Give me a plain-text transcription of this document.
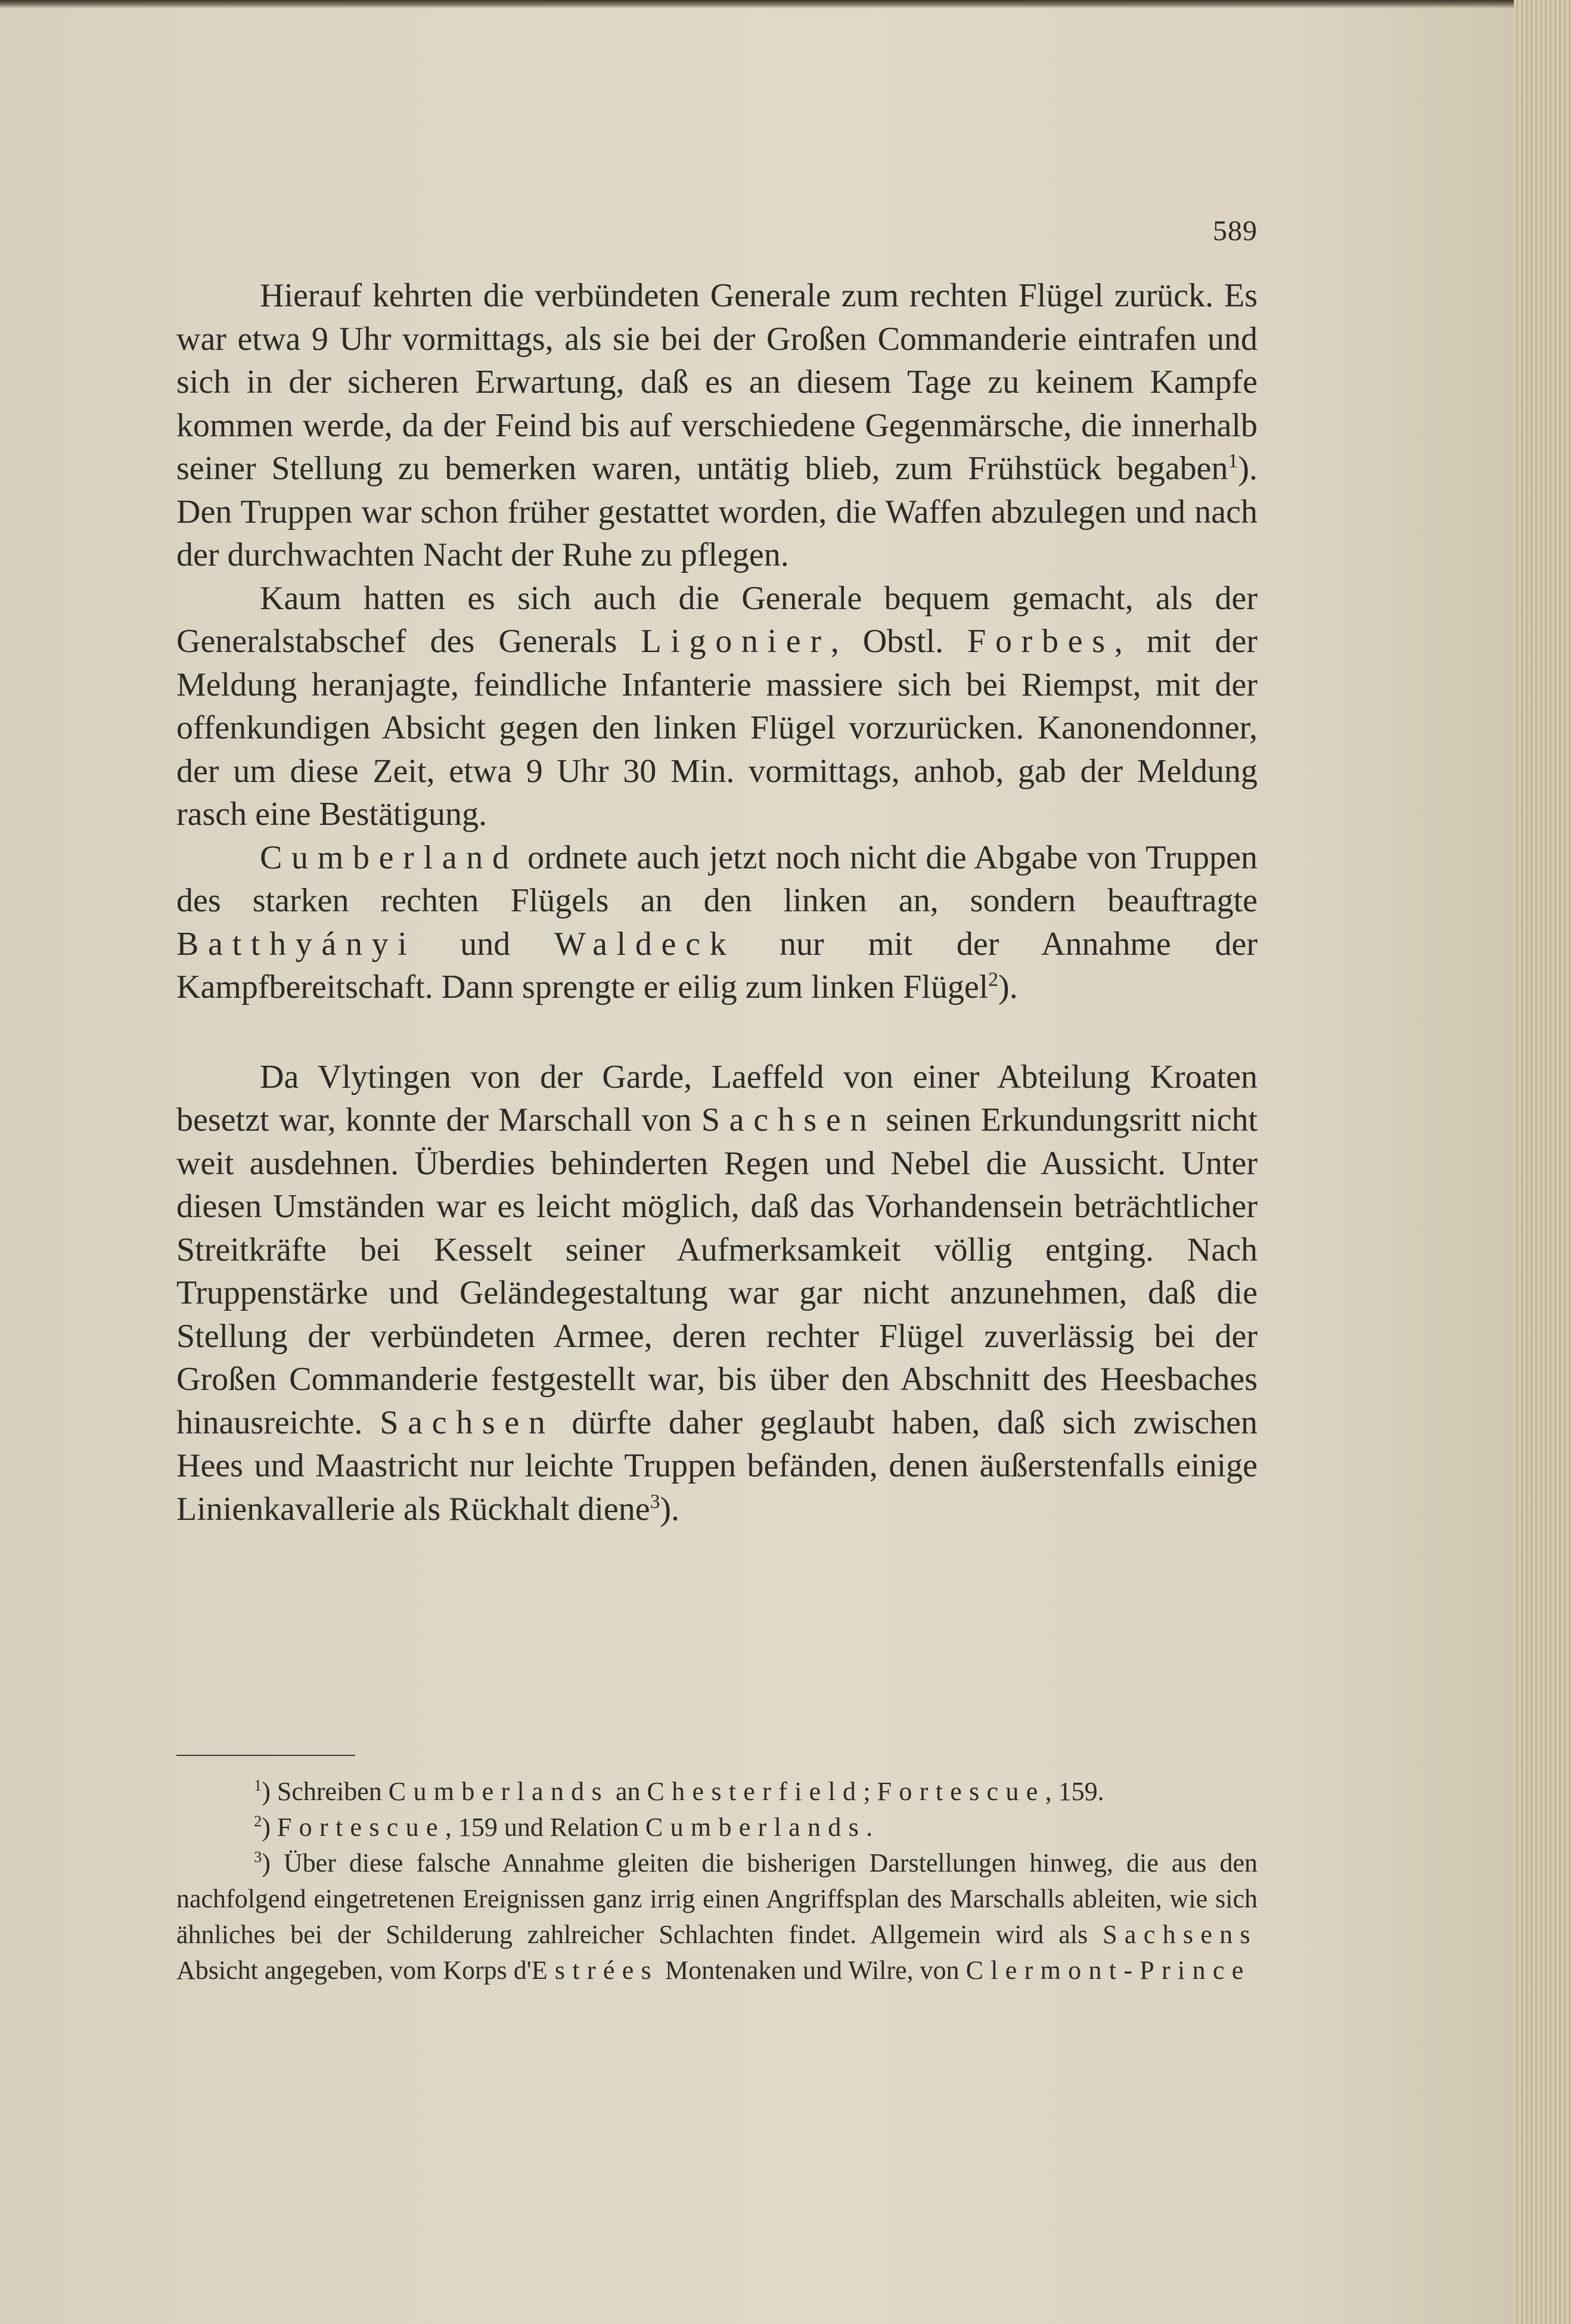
589

Hierauf kehrten die verbündeten Generale zum rechten Flügel zurück. Es war etwa 9 Uhr vormittags, als sie bei der Großen Commanderie eintrafen und sich in der sicheren Erwartung, daß es an diesem Tage zu keinem Kampfe kommen werde, da der Feind bis auf verschiedene Gegenmärsche, die innerhalb seiner Stellung zu bemerken waren, untätig blieb, zum Frühstück begaben$^1$). Den Truppen war schon früher gestattet worden, die Waffen abzulegen und nach der durchwachten Nacht der Ruhe zu pflegen.

Kaum hatten es sich auch die Generale bequem gemacht, als der Generalstabschef des Generals Ligonier, Obstl. Forbes, mit der Meldung heranjagte, feindliche Infanterie massiere sich bei Riempst, mit der offenkundigen Absicht gegen den linken Flügel vorzurücken. Kanonendonner, der um diese Zeit, etwa 9 Uhr 30 Min. vormittags, anhob, gab der Meldung rasch eine Bestätigung.

Cumberland ordnete auch jetzt noch nicht die Abgabe von Truppen des starken rechten Flügels an den linken an, sondern beauftragte Batthyányi und Waldeck nur mit der Annahme der Kampfbereitschaft. Dann sprengte er eilig zum linken Flügel$^2$).

Da Vlytingen von der Garde, Laeffeld von einer Abteilung Kroaten besetzt war, konnte der Marschall von Sachsen seinen Erkundungsritt nicht weit ausdehnen. Überdies behinderten Regen und Nebel die Aussicht. Unter diesen Umständen war es leicht möglich, daß das Vorhandensein beträchtlicher Streitkräfte bei Kesselt seiner Aufmerksamkeit völlig entging. Nach Truppenstärke und Geländegestaltung war gar nicht anzunehmen, daß die Stellung der verbündeten Armee, deren rechter Flügel zuverlässig bei der Großen Commanderie festgestellt war, bis über den Abschnitt des Heesbaches hinausreichte. Sachsen dürfte daher geglaubt haben, daß sich zwischen Hees und Maastricht nur leichte Truppen befänden, denen äußerstenfalls einige Linienkavallerie als Rückhalt diene$^3$).

$^1$) Schreiben Cumberlands an Chesterfield; Fortescue, 159.

$^2$) Fortescue, 159 und Relation Cumberlands.

$^3$) Über diese falsche Annahme gleiten die bisherigen Darstellungen hinweg, die aus den nachfolgend eingetretenen Ereignissen ganz irrig einen Angriffsplan des Marschalls ableiten, wie sich ähnliches bei der Schilderung zahlreicher Schlachten findet. Allgemein wird als Sachsens Absicht angegeben, vom Korps d'Estrées Montenaken und Wilre, von Clermont-Prince
